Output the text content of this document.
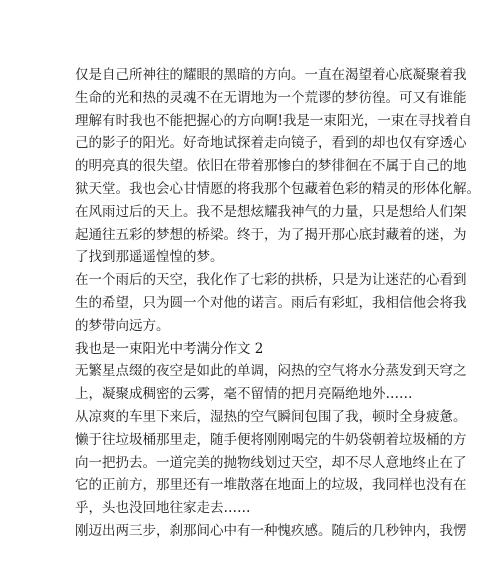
仅是自己所神往的耀眼的黑暗的方向。一直在渴望着心底凝聚着我
生命的光和热的灵魂不在无谓地为一个荒谬的梦彷徨。可又有谁能
理解有时我也不能把握心的方向啊!我是一束阳光，一束在寻找着自
己的影子的阳光。好奇地试探着走向镜子，看到的却也仅有穿透心
的明亮真的很失望。依旧在带着那惨白的梦徘徊在不属于自己的地
狱天堂。我也会心甘情愿的将我那个包藏着色彩的精灵的形体化解。
在风雨过后的天上。我不是想炫耀我神气的力量，只是想给人们架
起通往五彩的梦想的桥梁。终于，为了揭开那心底封藏着的迷，为
了找到那遥遥惶惶的梦。
在一个雨后的天空，我化作了七彩的拱桥，只是为让迷茫的心看到
生的希望，只为圆一个对他的诺言。雨后有彩虹，我相信他会将我
的梦带向远方。
我也是一束阳光中考满分作文 2
无繁星点缀的夜空是如此的单调，闷热的空气将水分蒸发到天穹之
上，凝聚成稠密的云雾，毫不留情的把月亮隔绝地外……
从凉爽的车里下来后，湿热的空气瞬间包围了我，顿时全身疲惫。
懒于往垃圾桶那里走，随手便将刚刚喝完的牛奶袋朝着垃圾桶的方
向一把扔去。一道完美的抛物线划过天空，却不尽人意地终止在了
它的正前方，那里还有一堆散落在地面上的垃圾，我同样也没有在
乎，头也没回地往家走去……
刚迈出两三步，刹那间心中有一种愧疚感。随后的几秒钟内，我愣
